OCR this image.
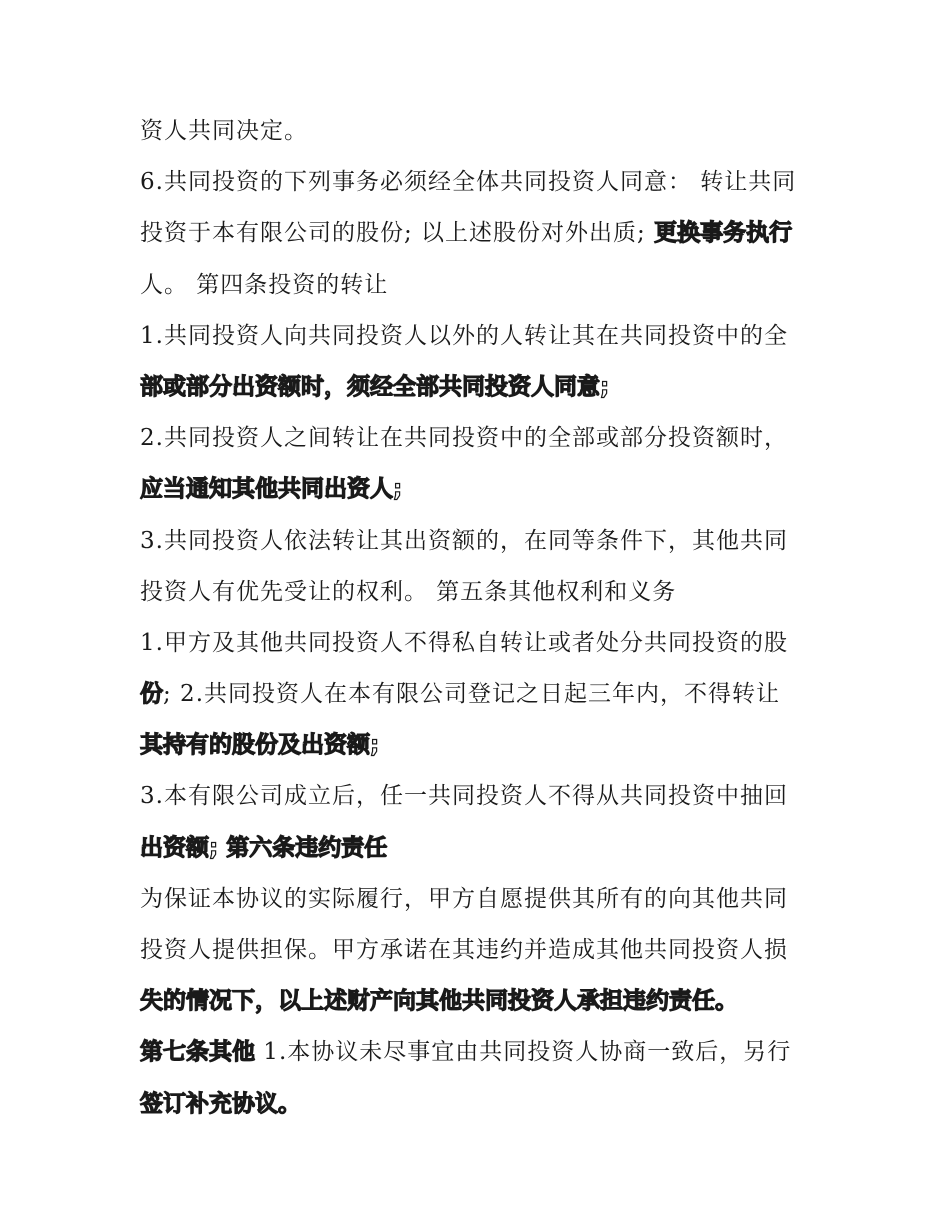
资人共同决定。
6.共同投资的下列事务必须经全体共同投资人同意： 转让共同
投资于本有限公司的股份; 以上述股份对外出质; 更换事务执行
人。 第四条投资的转让
1.共同投资人向共同投资人以外的人转让其在共同投资中的全
部或部分出资额时，须经全部共同投资人同意;
2.共同投资人之间转让在共同投资中的全部或部分投资额时，
应当通知其他共同出资人;
3.共同投资人依法转让其出资额的，在同等条件下，其他共同
投资人有优先受让的权利。 第五条其他权利和义务
1.甲方及其他共同投资人不得私自转让或者处分共同投资的股
份; 2.共同投资人在本有限公司登记之日起三年内，不得转让
其持有的股份及出资额;
3.本有限公司成立后，任一共同投资人不得从共同投资中抽回
出资额; 第六条违约责任
为保证本协议的实际履行，甲方自愿提供其所有的向其他共同
投资人提供担保。甲方承诺在其违约并造成其他共同投资人损
失的情况下，以上述财产向其他共同投资人承担违约责任。
第七条其他 1.本协议未尽事宜由共同投资人协商一致后，另行
签订补充协议。
